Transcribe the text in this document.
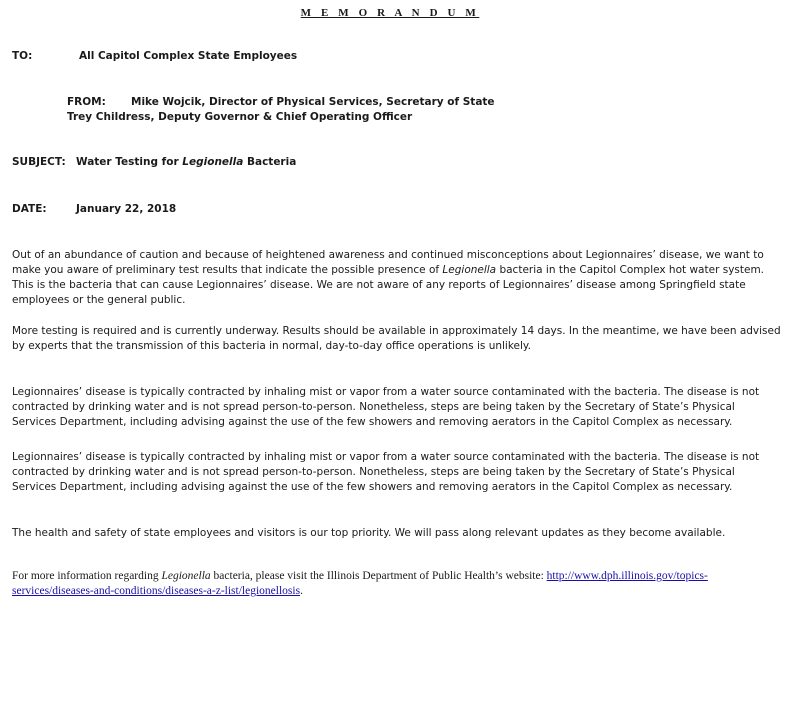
M E M O R A N D U M
TO:	All Capitol Complex State Employees
FROM: Mike Wojcik, Director of Physical Services, Secretary of State
Trey Childress, Deputy Governor & Chief Operating Officer
SUBJECT: Water Testing for Legionella Bacteria
DATE:	January 22, 2018

Out of an abundance of caution and because of heightened awareness and continued misconceptions about Legionnaires’ disease, we want to make you aware of preliminary test results that indicate the possible presence of Legionella bacteria in the Capitol Complex hot water system. This is the bacteria that can cause Legionnaires’ disease. We are not aware of any reports of Legionnaires’ disease among Springfield state employees or the general public.

More testing is required and is currently underway. Results should be available in approximately 14 days. In the meantime, we have been advised by experts that the transmission of this bacteria in normal, day-to-day office operations is unlikely.

Legionnaires’ disease is typically contracted by inhaling mist or vapor from a water source contaminated with the bacteria. The disease is not contracted by drinking water and is not spread person-to-person. Nonetheless, steps are being taken by the Secretary of State’s Physical Services Department, including advising against the use of the few showers and removing aerators in the Capitol Complex as necessary.

Legionnaires’ disease is typically contracted by inhaling mist or vapor from a water source contaminated with the bacteria. The disease is not contracted by drinking water and is not spread person-to-person. Nonetheless, steps are being taken by the Secretary of State’s Physical Services Department, including advising against the use of the few showers and removing aerators in the Capitol Complex as necessary.

The health and safety of state employees and visitors is our top priority. We will pass along relevant updates as they become available.

For more information regarding Legionella bacteria, please visit the Illinois Department of Public Health’s website: http://www.dph.illinois.gov/topics-services/diseases-and-conditions/diseases-a-z-list/legionellosis.
